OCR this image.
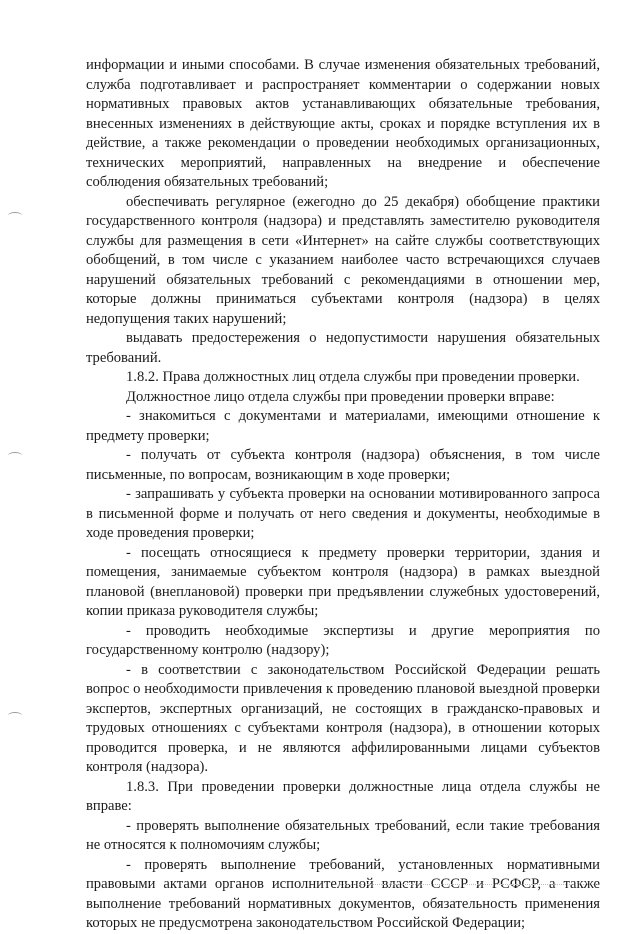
информации и иными способами. В случае изменения обязательных требований, служба подготавливает и распространяет комментарии о содержании новых нормативных правовых актов устанавливающих обязательные требования, внесенных изменениях в действующие акты, сроках и порядке вступления их в действие, а также рекомендации о проведении необходимых организационных, технических мероприятий, направленных на внедрение и обеспечение соблюдения обязательных требований;

обеспечивать регулярное (ежегодно до 25 декабря) обобщение практики государственного контроля (надзора) и представлять заместителю руководителя службы для размещения в сети «Интернет» на сайте службы соответствующих обобщений, в том числе с указанием наиболее часто встречающихся случаев нарушений обязательных требований с рекомендациями в отношении мер, которые должны приниматься субъектами контроля (надзора) в целях недопущения таких нарушений;

выдавать предостережения о недопустимости нарушения обязательных требований.

1.8.2. Права должностных лиц отдела службы при проведении проверки.

Должностное лицо отдела службы при проведении проверки вправе:

- знакомиться с документами и материалами, имеющими отношение к предмету проверки;

- получать от субъекта контроля (надзора) объяснения, в том числе письменные, по вопросам, возникающим в ходе проверки;

- запрашивать у субъекта проверки на основании мотивированного запроса в письменной форме и получать от него сведения и документы, необходимые в ходе проведения проверки;

- посещать относящиеся к предмету проверки территории, здания и помещения, занимаемые субъектом контроля (надзора) в рамках выездной плановой (внеплановой) проверки при предъявлении служебных удостоверений, копии приказа руководителя службы;

- проводить необходимые экспертизы и другие мероприятия по государственному контролю (надзору);

- в соответствии с законодательством Российской Федерации решать вопрос о необходимости привлечения к проведению плановой выездной проверки экспертов, экспертных организаций, не состоящих в гражданско-правовых и трудовых отношениях с субъектами контроля (надзора), в отношении которых проводится проверка, и не являются аффилированными лицами субъектов контроля (надзора).

1.8.3. При проведении проверки должностные лица отдела службы не вправе:

- проверять выполнение обязательных требований, если такие требования не относятся к полномочиям службы;

- проверять выполнение требований, установленных нормативными правовыми актами органов исполнительной власти СССР и РСФСР, а также выполнение требований нормативных документов, обязательность применения которых не предусмотрена законодательством Российской Федерации;
